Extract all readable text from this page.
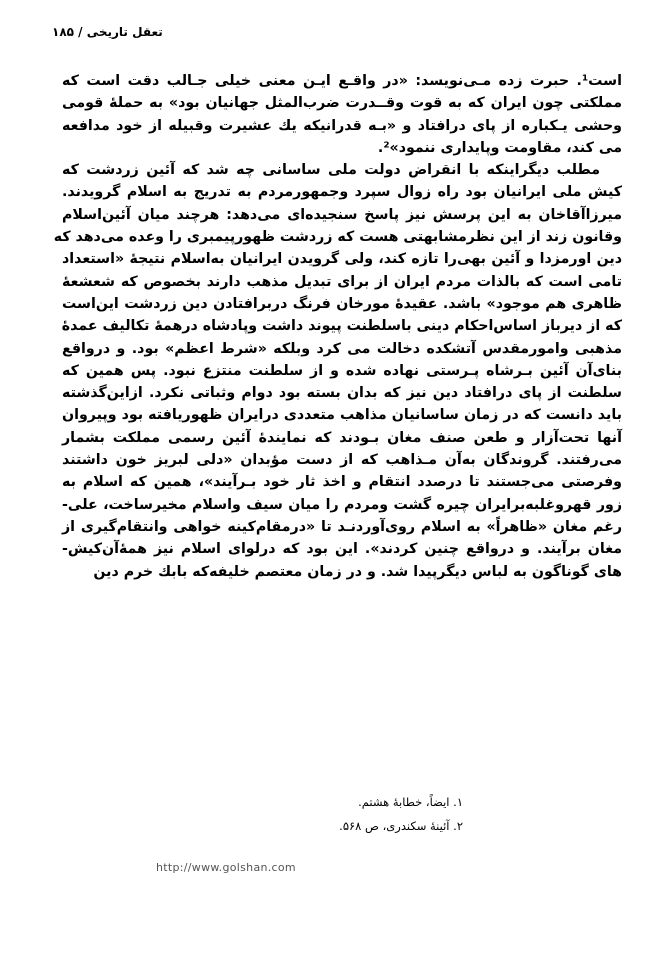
تعقل تاریخی / ۱۸۵
است¹. حبرت زده مـی‌نویسد: «در واقـع ایـن معنی خیلی جـالب دقت است که
مملکتی چون ایران که به قوت وقــدرت ضرب‌المثل جهانیان بود» به حملهٔ قومی
وحشی یـکباره از پای درافتاد و «بـه قدرانیکه یك عشیرت وقبیله از خود مدافعه
می کند، مقاومت وپایداری ننمود»².
مطلب دیگراینکه با انقراض دولت ملی ساسانی چه شد که آئین زردشت که
کیش ملی ایرانیان بود راه زوال سپرد وجمهورمردم به تدریج به اسلام گرویدند.
میرزاآقاخان به این پرسش نیز پاسخ سنجیده‌ای می‌دهد: هرچند میان آئین‌اسلام
وقانون زند از این نظرمشابهتی هست که زردشت ظهورپیمبری را وعده می‌دهد که
دین اورمزدا و آئین بهی‌را تازه کند، ولی گرویدن ایرانیان به‌اسلام نتیجهٔ «استعداد
تامی است که بالذات مردم ایران از برای تبدیل مذهب دارند بخصوص که شعشعهٔ
ظاهری هم موجود» باشد. عقیدهٔ مورخان فرنگ دربرافتادن دین زردشت این‌است
که از دیرباز اساس‌احکام دینی باسلطنت پیوند داشت وپادشاه درهمهٔ تکالیف عمدهٔ
مذهبی وامورمقدس آتشکده دخالت می کرد وبلکه «شرط اعظم» بود. و درواقع
بنای‌آن آئین بـرشاه پـرستی نهاده شده و از سلطنت منتزع نبود. پس همین که
سلطنت از پای درافتاد دین نیز که بدان بسته بود دوام وثباتی نکرد. ازاین‌گذشته
باید دانست که در زمان ساسانیان مذاهب متعددی درایران ظهوریافته بود وپیروان
آنها تحت‌آزار و طعن صنف مغان بـودند که نمایندهٔ آئین رسمی مملکت بشمار
می‌رفتند. گروندگان به‌آن مـذاهب که از دست مؤبدان «دلی لبریز خون داشتند
وفرصتی می‌جستند تا درصدد انتقام و اخذ ثار خود بـرآیند»، همین که اسلام به
زور قهروغلبه‌برایران چیره گشت ومردم را میان سیف واسلام مخیرساخت، علی-
رغم مغان «ظاهراً» به اسلام روی‌آوردنـد تا «درمقام‌کینه خواهی وانتقام‌گیری از
مغان برآیند. و درواقع چنین کردند». این بود که درلوای اسلام نیز همهٔ‌آن‌کیش-
های گوناگون به لباس دیگرپیدا شد. و در زمان معتصم خلیفه‌که بابك خرم دین
۱. ایضاً، خطابهٔ هشتم.
۲. آئینهٔ سکندری، ص ۵۶۸.
http://www.golshan.com
